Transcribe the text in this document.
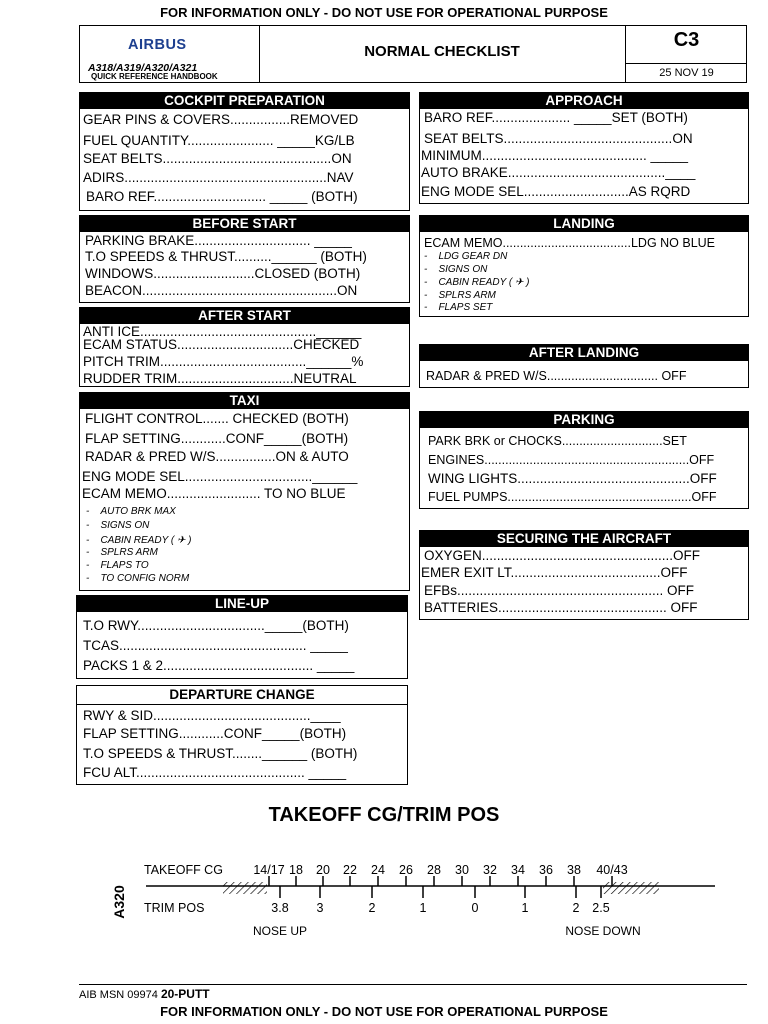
FOR INFORMATION ONLY - DO NOT USE FOR OPERATIONAL PURPOSE
AIRBUS
A318/A319/A320/A321
QUICK REFERENCE HANDBOOK
NORMAL CHECKLIST
C3
25 NOV 19
COCKPIT PREPARATION
GEAR PINS & COVERS................REMOVED
FUEL QUANTITY....................... _____KG/LB
SEAT BELTS.............................................ON
ADIRS......................................................NAV
BARO REF.............................. _____ (BOTH)
BEFORE START
PARKING BRAKE............................... _____
T.O SPEEDS & THRUST..........______ (BOTH)
WINDOWS...........................CLOSED (BOTH)
BEACON....................................................ON
AFTER START
ANTI ICE...............................................______
ECAM STATUS...............................CHECKED
PITCH TRIM.......................................______%
RUDDER TRIM...............................NEUTRAL
TAXI
FLIGHT CONTROL....... CHECKED (BOTH)
FLAP SETTING............CONF_____(BOTH)
RADAR & PRED W/S................ON & AUTO
ENG MODE SEL..................................______
ECAM MEMO......................... TO NO BLUE
-    AUTO BRK MAX
-    SIGNS ON
-    CABIN READY ( ✈ )
-    SPLRS ARM
-    FLAPS TO
-    TO CONFIG NORM
LINE-UP
T.O RWY.................................._____(BOTH)
TCAS.................................................. _____
PACKS 1 & 2........................................ _____
DEPARTURE CHANGE
RWY & SID..........................................____
FLAP SETTING............CONF_____(BOTH)
T.O SPEEDS & THRUST........______ (BOTH)
FCU ALT............................................. _____
APPROACH
BARO REF..................... _____SET (BOTH)
SEAT BELTS.............................................ON
MINIMUM............................................ _____
AUTO BRAKE..........................................____
ENG MODE SEL............................AS RQRD
LANDING
ECAM MEMO.....................................LDG NO BLUE
-    LDG GEAR DN
-    SIGNS ON
-    CABIN READY ( ✈ )
-    SPLRS ARM
-    FLAPS SET
AFTER LANDING
RADAR & PRED W/S................................ OFF
PARKING
PARK BRK or CHOCKS.............................SET
ENGINES...........................................................OFF
WING LIGHTS..............................................OFF
FUEL PUMPS.....................................................OFF
SECURING THE AIRCRAFT
OXYGEN...................................................OFF
EMER EXIT LT........................................OFF
EFBs....................................................... OFF
BATTERIES............................................. OFF
TAKEOFF CG/TRIM POS
A320
TAKEOFF CG
TRIM POS
14/17 18 20 22 24 26 28 30 32 34 36 38 40/43
3.8 3	2	1	0	1	2 2.5
NOSE UP	NOSE DOWN
AIB MSN 09974 20-PUTT
FOR INFORMATION ONLY - DO NOT USE FOR OPERATIONAL PURPOSE
